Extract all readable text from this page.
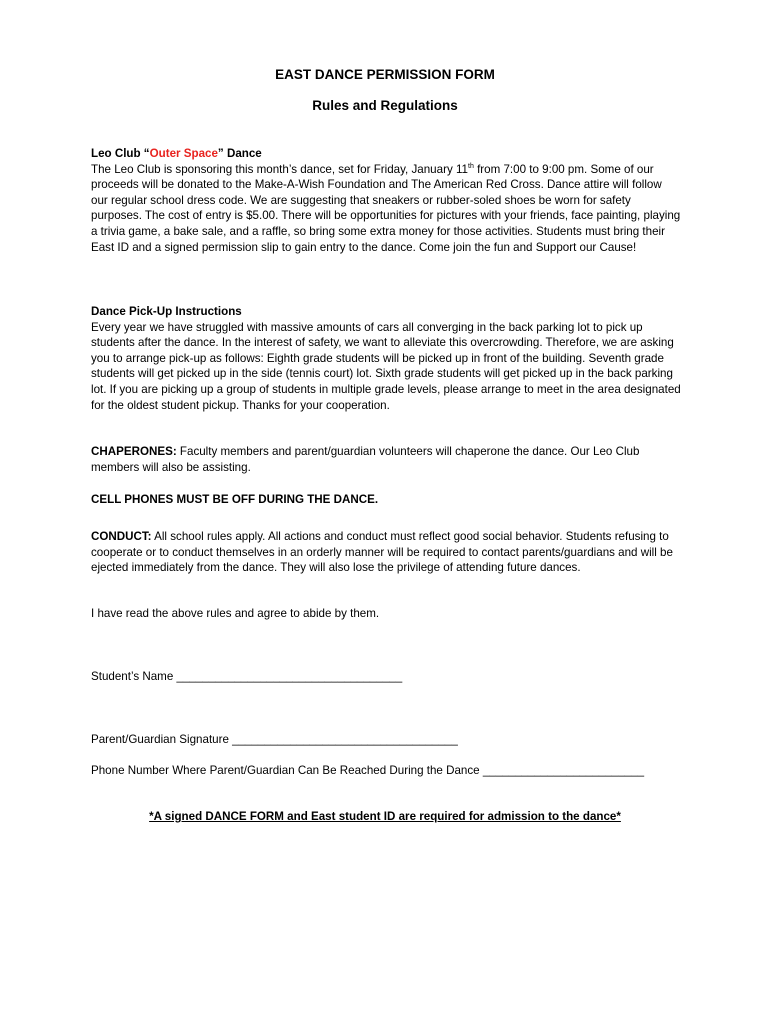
EAST DANCE PERMISSION FORM
Rules and Regulations

Leo Club “Outer Space” Dance

The Leo Club is sponsoring this month’s dance, set for Friday, January 11th from 7:00 to 9:00 pm. Some of our proceeds will be donated to the Make-A-Wish Foundation and The American Red Cross. Dance attire will follow our regular school dress code. We are suggesting that sneakers or rubber-soled shoes be worn for safety purposes. The cost of entry is $5.00. There will be opportunities for pictures with your friends, face painting, playing a trivia game, a bake sale, and a raffle, so bring some extra money for those activities. Students must bring their East ID and a signed permission slip to gain entry to the dance. Come join the fun and Support our Cause!

Dance Pick-Up Instructions

Every year we have struggled with massive amounts of cars all converging in the back parking lot to pick up students after the dance. In the interest of safety, we want to alleviate this overcrowding. Therefore, we are asking you to arrange pick-up as follows: Eighth grade students will be picked up in front of the building. Seventh grade students will get picked up in the side (tennis court) lot. Sixth grade students will get picked up in the back parking lot. If you are picking up a group of students in multiple grade levels, please arrange to meet in the area designated for the oldest student pickup. Thanks for your cooperation.

CHAPERONES: Faculty members and parent/guardian volunteers will chaperone the dance. Our Leo Club members will also be assisting.

CELL PHONES MUST BE OFF DURING THE DANCE.

CONDUCT: All school rules apply. All actions and conduct must reflect good social behavior. Students refusing to cooperate or to conduct themselves in an orderly manner will be required to contact parents/guardians and will be ejected immediately from the dance. They will also lose the privilege of attending future dances.

I have read the above rules and agree to abide by them.
Student’s Name ___________________________________
Parent/Guardian Signature ___________________________________
Phone Number Where Parent/Guardian Can Be Reached During the Dance _________________________
*A signed DANCE FORM and East student ID are required for admission to the dance*
